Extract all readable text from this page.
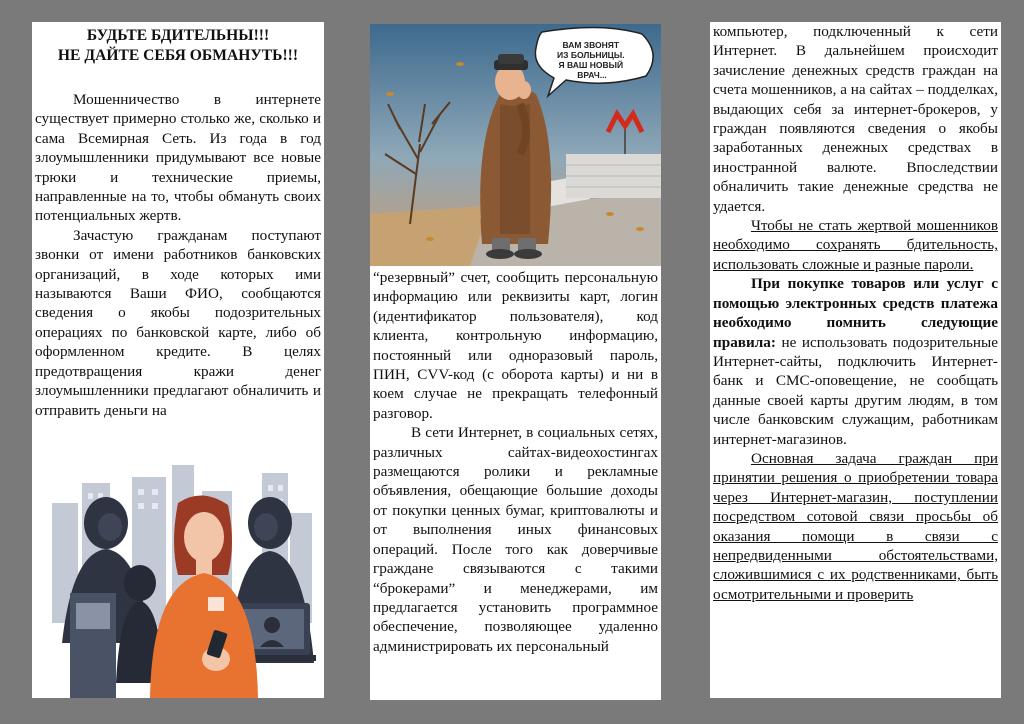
БУДЬТЕ БДИТЕЛЬНЫ!!!
НЕ ДАЙТЕ СЕБЯ ОБМАНУТЬ!!!

Мошенничество в интернете существует примерно столько же, сколько и сама Всемирная Сеть. Из года в год злоумышленники придумывают все новые трюки и технические приемы, направленные на то, чтобы обмануть своих потенциальных жертв.

Зачастую гражданам поступают звонки от имени работников банковских организаций, в ходе которых ими называются Ваши ФИО, сообщаются сведения о якобы подозрительных операциях по банковской карте, либо об оформленном кредите. В целях предотвращения кражи денег злоумышленники предлагают обналичить и отправить деньги на

ВАМ ЗВОНЯТ ИЗ БОЛЬНИЦЫ. Я ВАШ НОВЫЙ ВРАЧ...

“резервный” счет, сообщить персональную информацию или реквизиты карт, логин (идентификатор пользователя), код клиента, контрольную информацию, постоянный или одноразовый пароль, ПИН, CVV-код (с оборота карты) и ни в коем случае не прекращать телефонный разговор.

В сети Интернет, в социальных сетях, различных сайтах-видеохостингах размещаются ролики и рекламные объявления, обещающие большие доходы от покупки ценных бумаг, криптовалюты и от выполнения иных финансовых операций. После того как доверчивые граждане связываются с такими “брокерами” и менеджерами, им предлагается установить программное обеспечение, позволяющее удаленно администрировать их персональный

компьютер, подключенный к сети Интернет. В дальнейшем происходит зачисление денежных средств граждан на счета мошенников, а на сайтах – подделках, выдающих себя за интернет-брокеров, у граждан появляются сведения о якобы заработанных денежных средствах в иностранной валюте. Впоследствии обналичить такие денежные средства не удается.

Чтобы не стать жертвой мошенников необходимо сохранять бдительность, использовать сложные и разные пароли.

При покупке товаров или услуг с помощью электронных средств платежа необходимо помнить следующие правила: не использовать подозрительные Интернет-сайты, подключить Интернет-банк и СМС-оповещение, не сообщать данные своей карты другим людям, в том числе банковским служащим, работникам интернет-магазинов.

Основная задача граждан при принятии решения о приобретении товара через Интернет-магазин, поступлении посредством сотовой связи просьбы об оказания помощи в связи с непредвиденными обстоятельствами, сложившимися с их родственниками, быть осмотрительными и проверить
